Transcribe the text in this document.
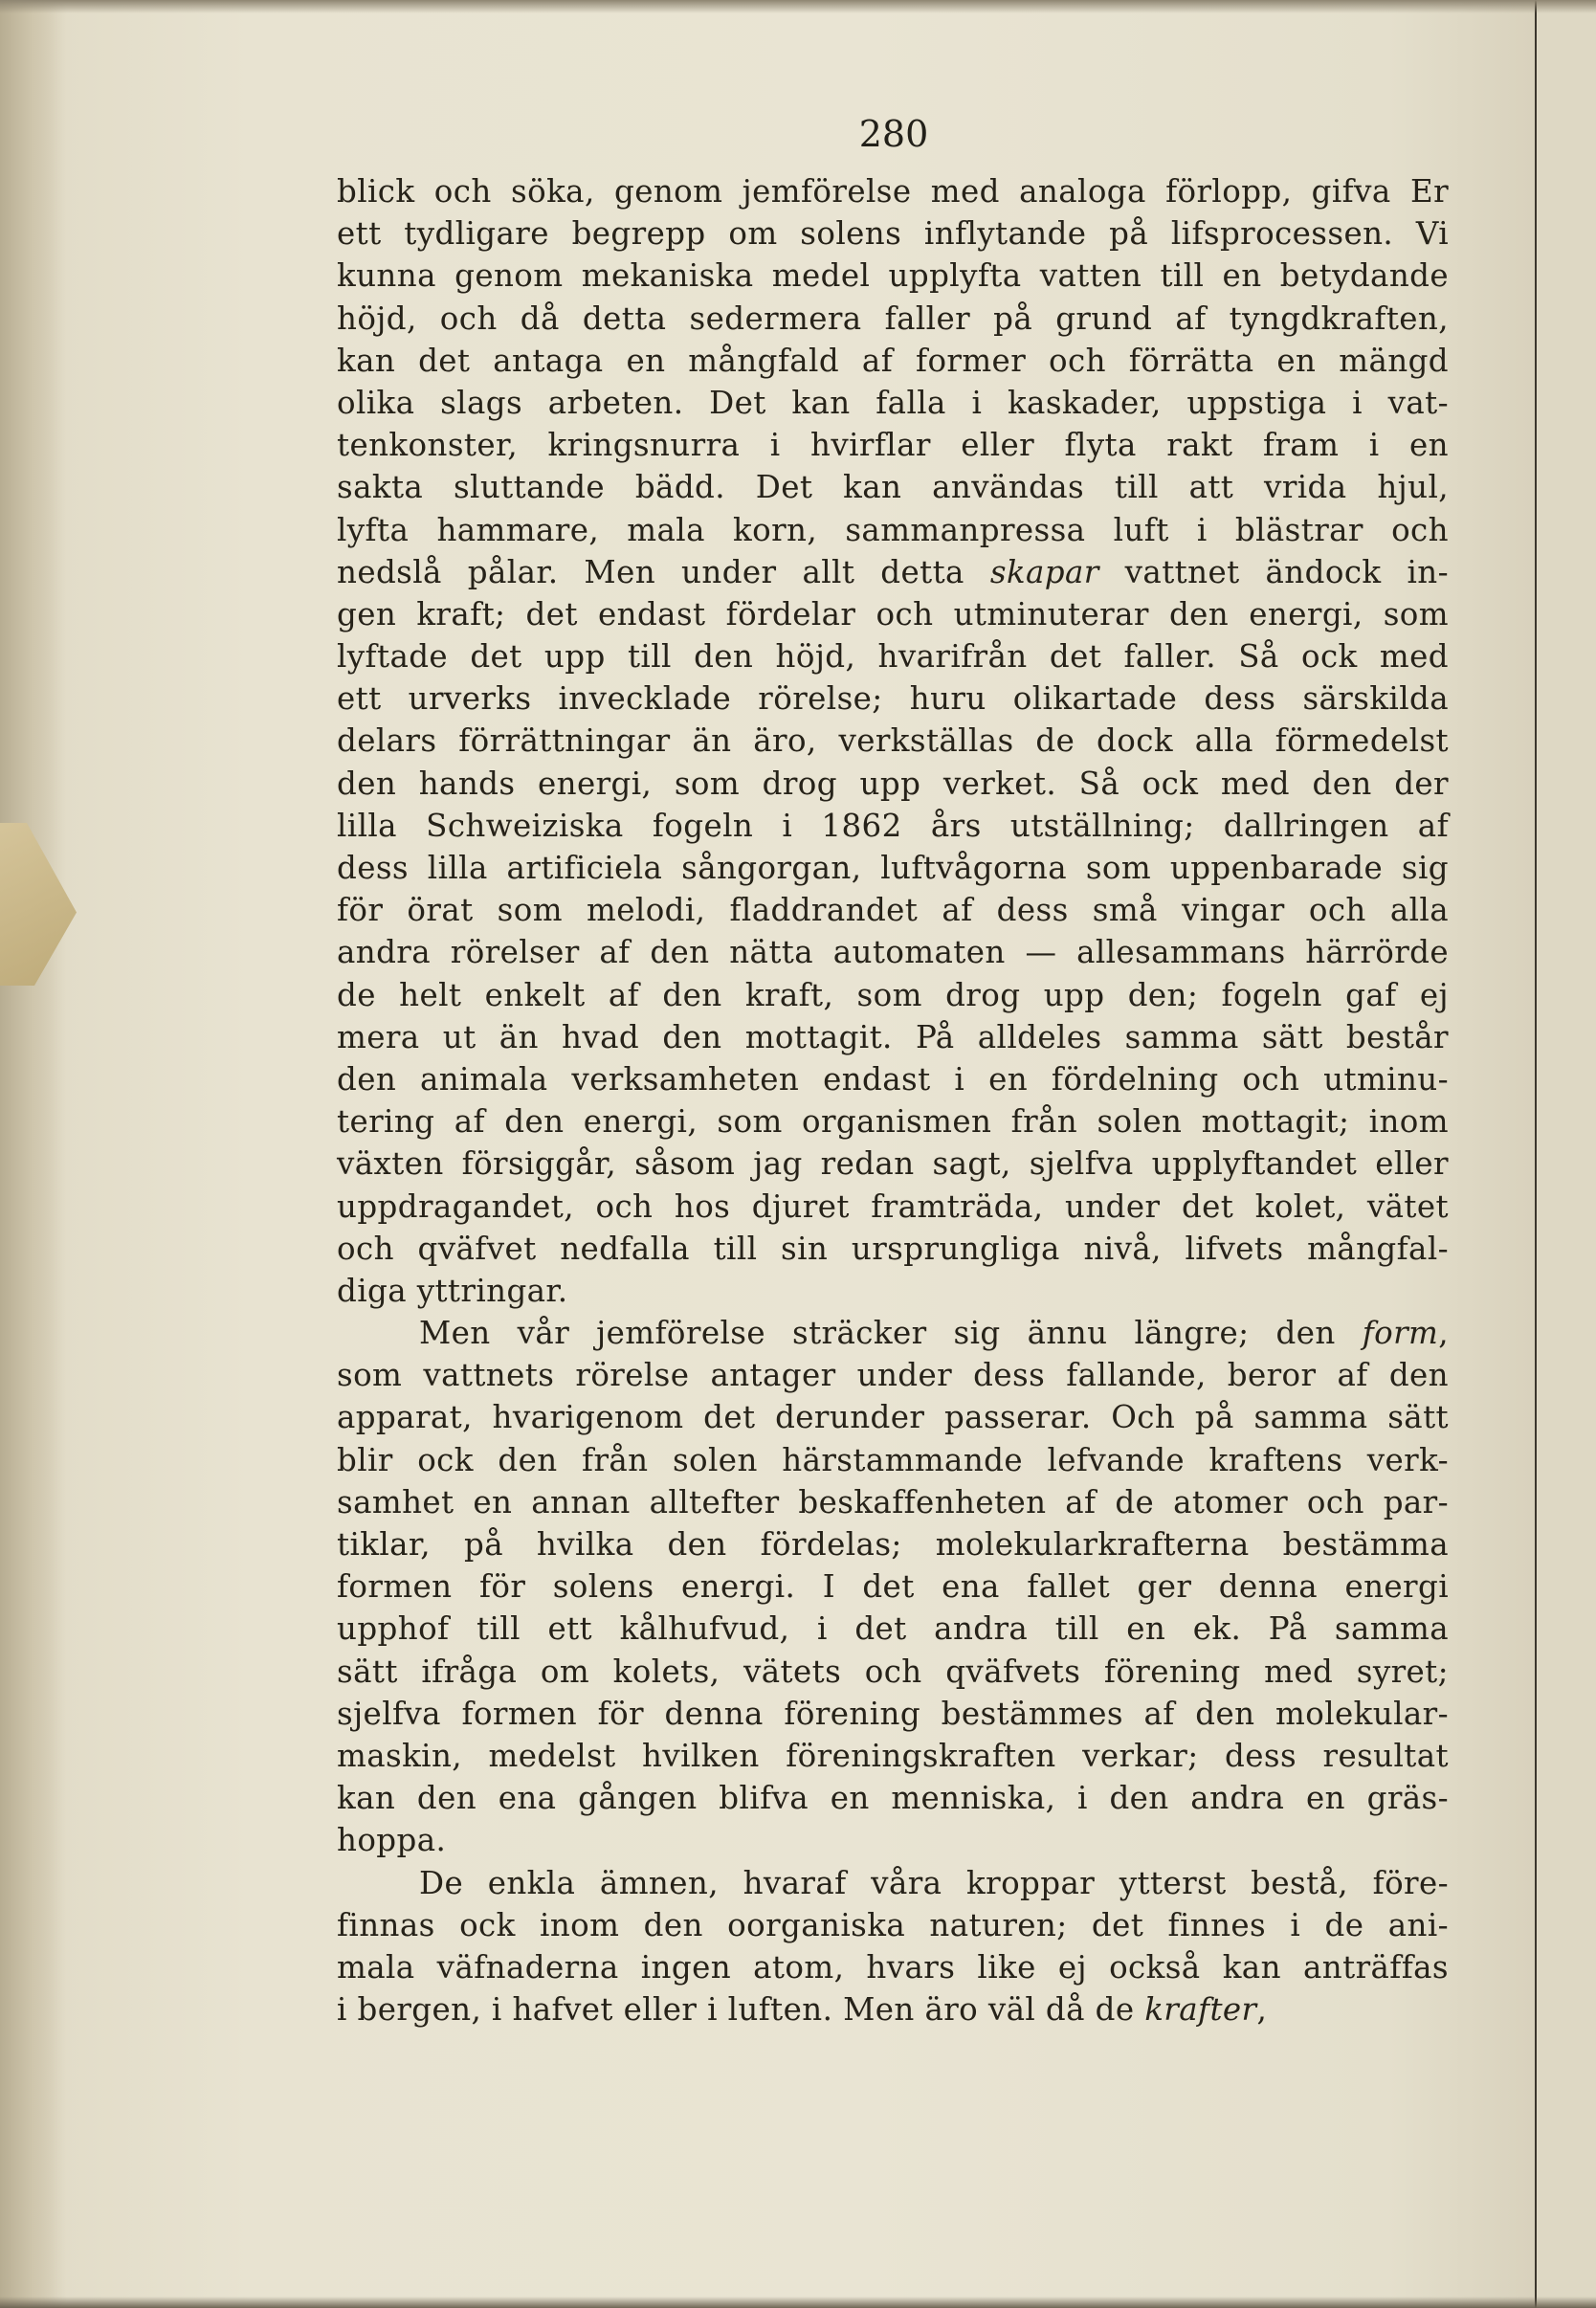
280

blick och söka, genom jemförelse med analoga förlopp, gifva Er
ett tydligare begrepp om solens inflytande på lifsprocessen. Vi
kunna genom mekaniska medel upplyfta vatten till en betydande
höjd, och då detta sedermera faller på grund af tyngdkraften,
kan det antaga en mångfald af former och förrätta en mängd
olika slags arbeten. Det kan falla i kaskader, uppstiga i vat-
tenkonster, kringsnurra i hvirflar eller flyta rakt fram i en
sakta sluttande bädd. Det kan användas till att vrida hjul,
lyfta hammare, mala korn, sammanpressa luft i blästrar och
nedslå pålar. Men under allt detta skapar vattnet ändock in-
gen kraft; det endast fördelar och utminuterar den energi, som
lyftade det upp till den höjd, hvarifrån det faller. Så ock med
ett urverks invecklade rörelse; huru olikartade dess särskilda
delars förrättningar än äro, verkställas de dock alla förmedelst
den hands energi, som drog upp verket. Så ock med den der
lilla Schweiziska fogeln i 1862 års utställning; dallringen af
dess lilla artificiela sångorgan, luftvågorna som uppenbarade sig
för örat som melodi, fladdrandet af dess små vingar och alla
andra rörelser af den nätta automaten — allesammans härrörde
de helt enkelt af den kraft, som drog upp den; fogeln gaf ej
mera ut än hvad den mottagit. På alldeles samma sätt består
den animala verksamheten endast i en fördelning och utminu-
tering af den energi, som organismen från solen mottagit; inom
växten försiggår, såsom jag redan sagt, sjelfva upplyftandet eller
uppdragandet, och hos djuret framträda, under det kolet, vätet
och qväfvet nedfalla till sin ursprungliga nivå, lifvets mångfal-
diga yttringar.
Men vår jemförelse sträcker sig ännu längre; den form,
som vattnets rörelse antager under dess fallande, beror af den
apparat, hvarigenom det derunder passerar. Och på samma sätt
blir ock den från solen härstammande lefvande kraftens verk-
samhet en annan alltefter beskaffenheten af de atomer och par-
tiklar, på hvilka den fördelas; molekularkrafterna bestämma
formen för solens energi. I det ena fallet ger denna energi
upphof till ett kålhufvud, i det andra till en ek. På samma
sätt ifråga om kolets, vätets och qväfvets förening med syret;
sjelfva formen för denna förening bestämmes af den molekular-
maskin, medelst hvilken föreningskraften verkar; dess resultat
kan den ena gången blifva en menniska, i den andra en gräs-
hoppa.
De enkla ämnen, hvaraf våra kroppar ytterst bestå, före-
finnas ock inom den oorganiska naturen; det finnes i de ani-
mala väfnaderna ingen atom, hvars like ej också kan anträffas
i bergen, i hafvet eller i luften. Men äro väl då de krafter,
